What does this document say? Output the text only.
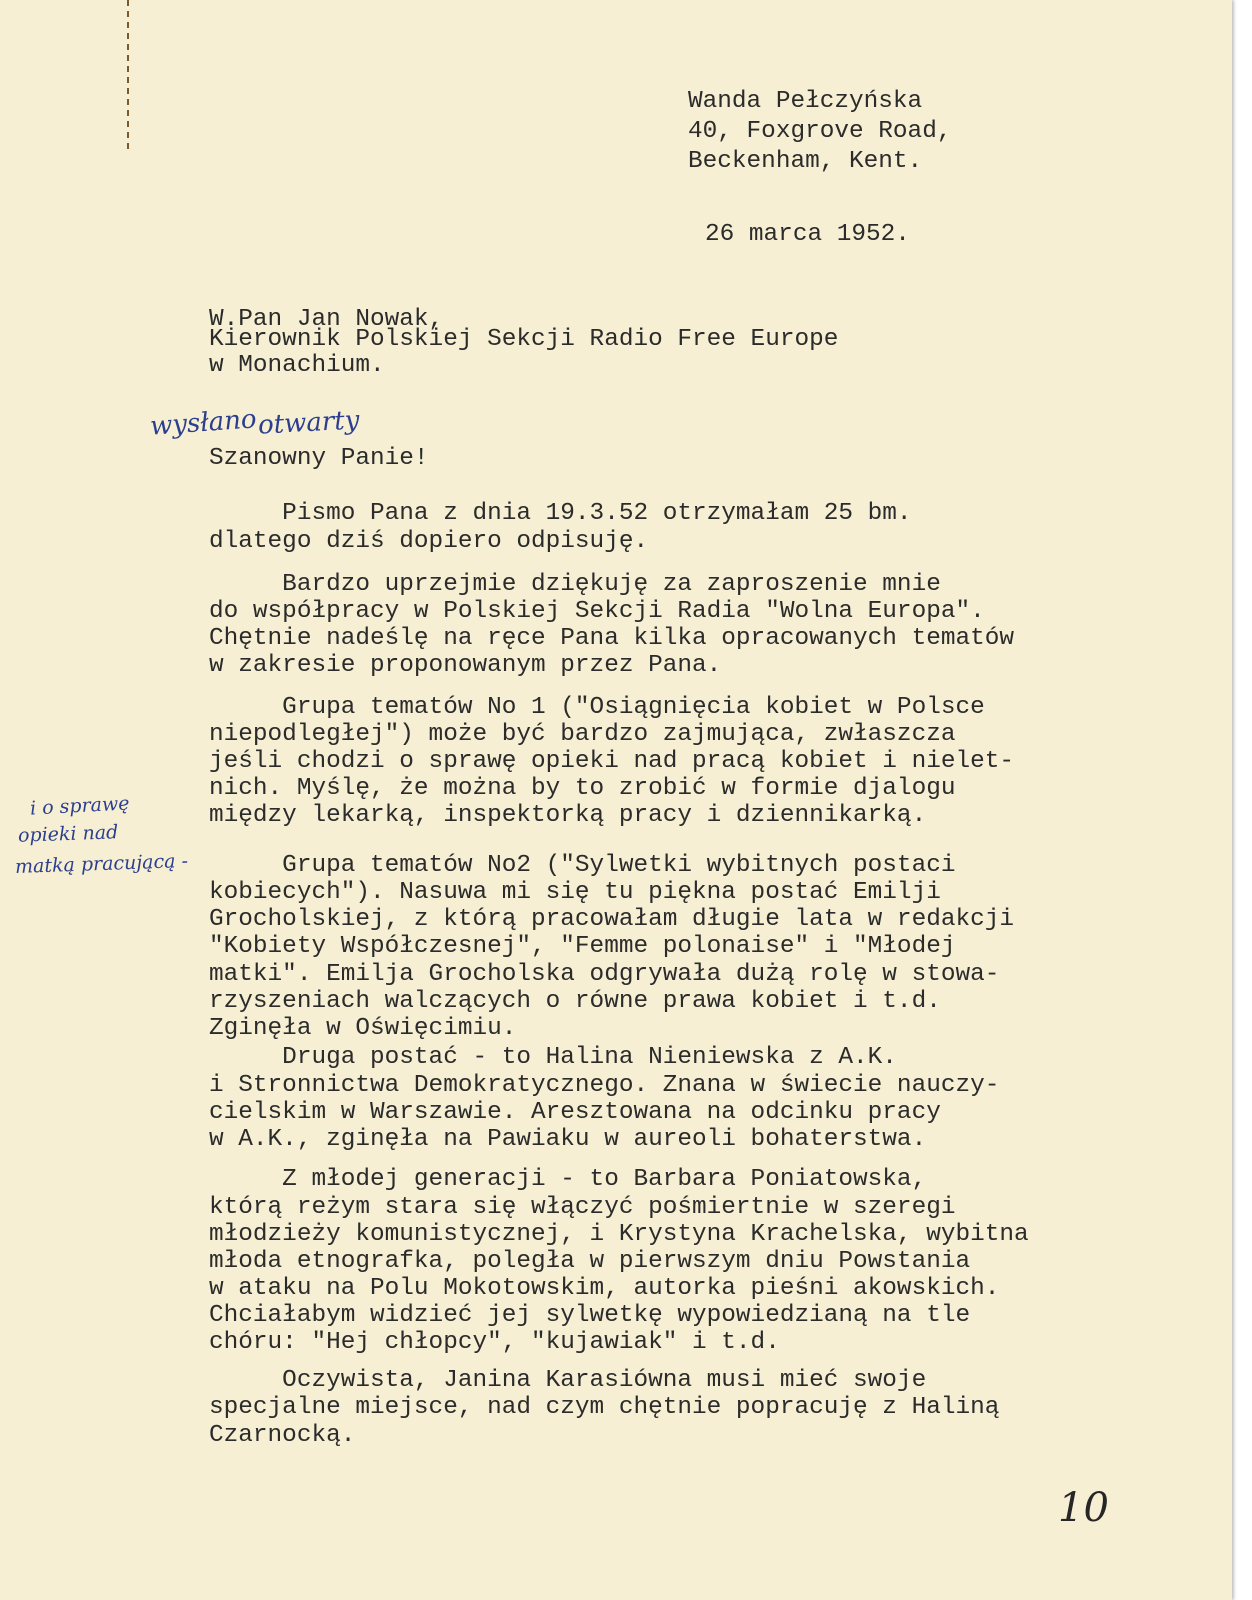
Wanda Pełczyńska
40, Foxgrove Road,
Beckenham, Kent.
26 marca 1952.
W.Pan Jan Nowak,
Kierownik Polskiej Sekcji Radio Free Europe
w Monachium.
wysłano otwarty
Szanowny Panie!
Pismo Pana z dnia 19.3.52 otrzymałam 25 bm.
dlatego dziś dopiero odpisuję.
Bardzo uprzejmie dziękuję za zaproszenie mnie
do współpracy w Polskiej Sekcji Radia "Wolna Europa".
Chętnie nadeślę na ręce Pana kilka opracowanych tematów
w zakresie proponowanym przez Pana.
Grupa tematów No 1 ("Osiągnięcia kobiet w Polsce
niepodległej") może być bardzo zajmująca, zwłaszcza
jeśli chodzi o sprawę opieki nad pracą kobiet i nielet-
nich. Myślę, że można by to zrobić w formie djalogu
między lekarką, inspektorką pracy i dziennikarką.
Grupa tematów No2 ("Sylwetki wybitnych postaci
kobiecych"). Nasuwa mi się tu piękna postać Emilji
Grocholskiej, z którą pracowałam długie lata w redakcji
"Kobiety Współczesnej", "Femme polonaise" i "Młodej
matki". Emilja Grocholska odgrywała dużą rolę w stowa-
rzyszeniach walczących o równe prawa kobiet i t.d.
Zginęła w Oświęcimiu.
Druga postać - to Halina Nieniewska z A.K.
i Stronnictwa Demokratycznego. Znana w świecie nauczy-
cielskim w Warszawie. Aresztowana na odcinku pracy
w A.K., zginęła na Pawiaku w aureoli bohaterstwa.
Z młodej generacji - to Barbara Poniatowska,
którą reżym stara się włączyć pośmiertnie w szeregi
młodzieży komunistycznej, i Krystyna Krachelska, wybitna
młoda etnografka, poległa w pierwszym dniu Powstania
w ataku na Polu Mokotowskim, autorka pieśni akowskich.
Chciałabym widzieć jej sylwetkę wypowiedzianą na tle
chóru: "Hej chłopcy", "kujawiak" i t.d.
Oczywista, Janina Karasiówna musi mieć swoje
specjalne miejsce, nad czym chętnie popracuję z Haliną
Czarnocką.
i o sprawę
opieki nad
matką pracującą -
10
